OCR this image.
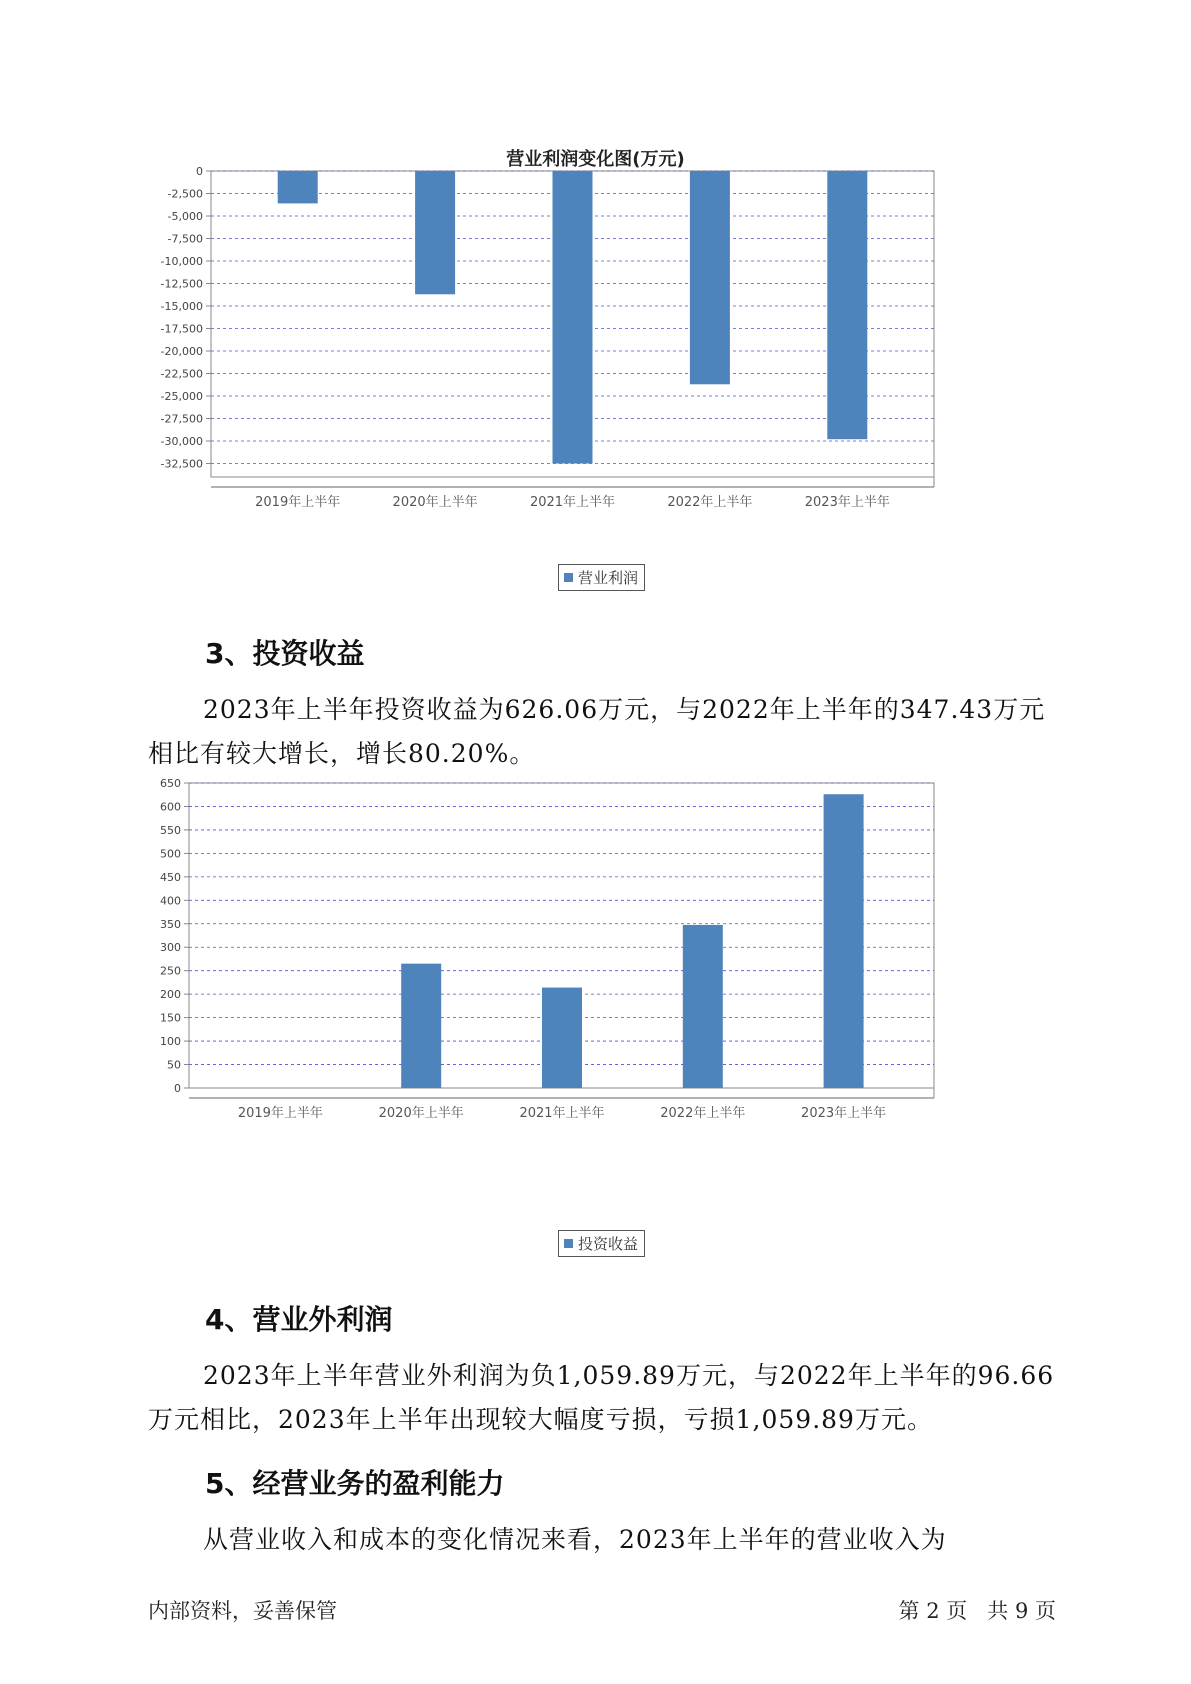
营业利润变化图(万元)
0
-2,500
-5,000
-7,500
-10,000
-12,500
-15,000
-17,500
-20,000
-22,500
-25,000
-27,500
-30,000
-32,500
2019年上半年	2020年上半年	2021年上半年	2022年上半年	2023年上半年
营业利润
3、投资收益

2023年上半年投资收益为626.06万元，与2022年上半年的347.43万元相比有较大增长，增长80.20%。

0
50
100
150
200
250
300
350
400
450
500
550
600
650
2019年上半年	2020年上半年	2021年上半年	2022年上半年	2023年上半年
投资收益
4、营业外利润

2023年上半年营业外利润为负1,059.89万元，与2022年上半年的96.66万元相比，2023年上半年出现较大幅度亏损，亏损1,059.89万元。

5、经营业务的盈利能力

从营业收入和成本的变化情况来看，2023年上半年的营业收入为

内部资料，妥善保管	第 2 页   共 9 页
